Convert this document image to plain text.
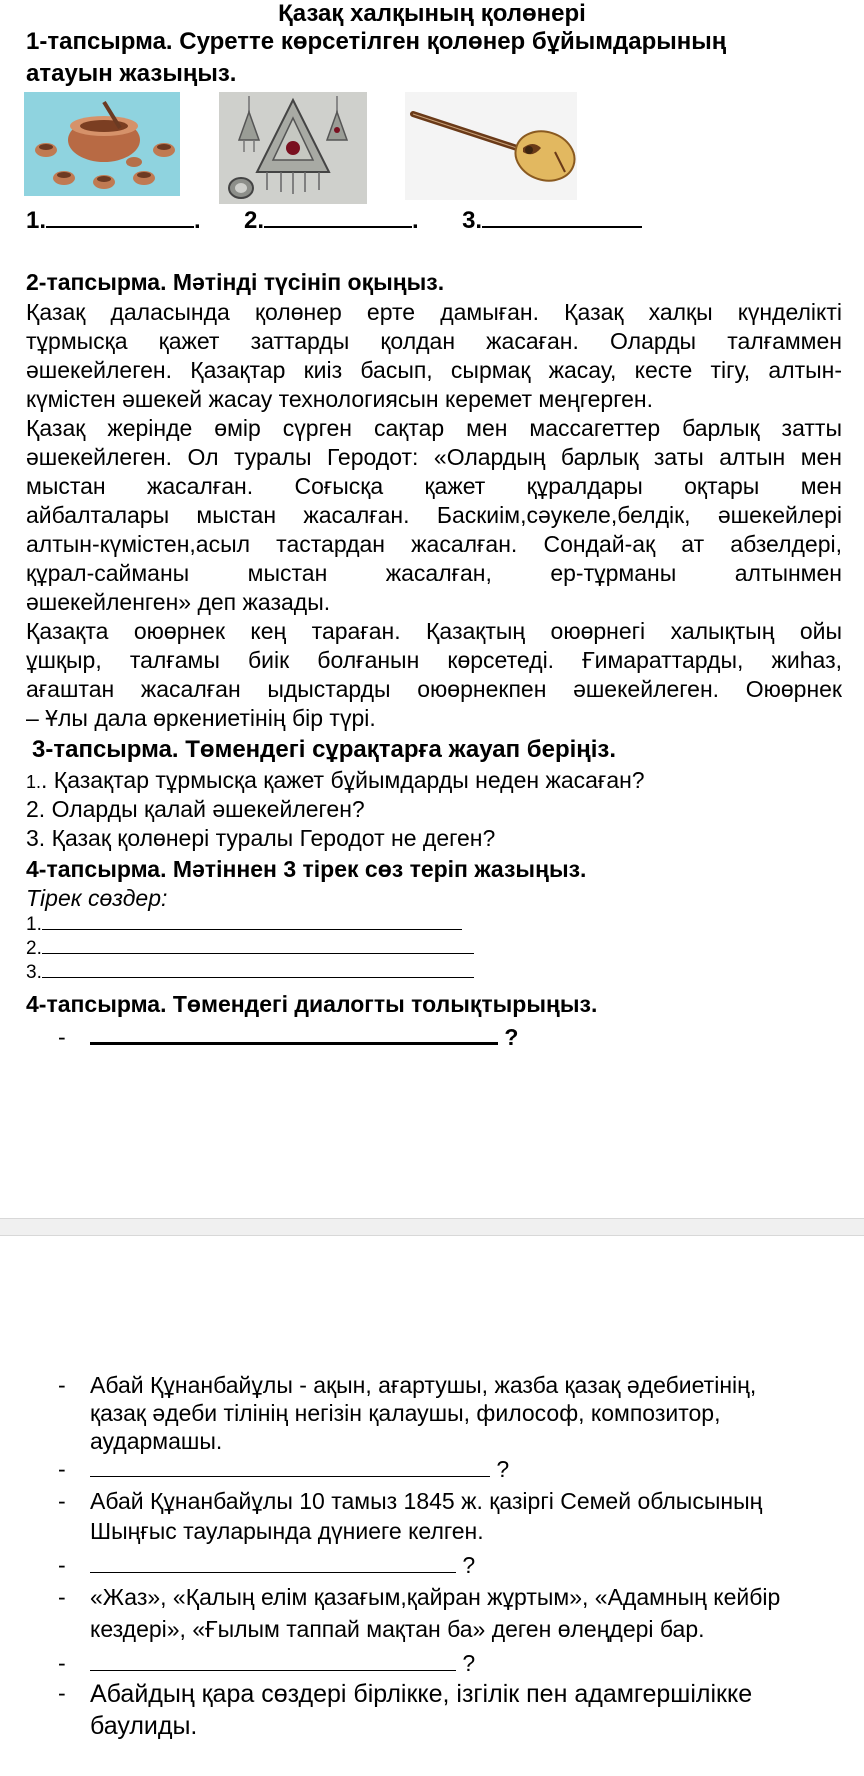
Қазақ халқының қолөнері
1-тапсырма. Суретте көрсетілген қолөнер бұйымдарының
атауын жазыңыз.
1.	. 2.	. 3.
2-тапсырма. Мәтінді түсініп оқыңыз.
Қазақ даласында қолөнер ерте дамыған. Қазақ халқы күнделікті
тұрмысқа қажет заттарды қолдан жасаған. Оларды талғаммен
әшекейлеген. Қазақтар киіз басып, сырмақ жасау, кесте тігу, алтын-
күмістен әшекей жасау технологиясын керемет меңгерген.
Қазақ жерінде өмір сүрген сақтар мен массагеттер барлық затты
әшекейлеген. Ол туралы Геродот: «Олардың барлық заты алтын мен
мыстан жасалған. Соғысқа қажет құралдары оқтары мен
айбалталары мыстан жасалған. Баскиім,сәукеле,белдік, әшекейлері
алтын-күмістен,асыл тастардан жасалған. Сондай-ақ ат абзелдері,
құрал-сайманы мыстан жасалған, ер-тұрманы алтынмен
әшекейленген» деп жазады.
Қазақта оюөрнек кең тараған. Қазақтың оюөрнегі халықтың ойы
ұшқыр, талғамы биік болғанын көрсетеді. Ғимараттарды, жиһаз,
ағаштан жасалған ыдыстарды оюөрнекпен әшекейлеген. Оюөрнек
– Ұлы дала өркениетінің бір түрі.
3-тапсырма. Төмендегі сұрақтарға жауап беріңіз.
1.. Қазақтар тұрмысқа қажет бұйымдарды неден жасаған?
2. Оларды қалай әшекейлеген?
3. Қазақ қолөнері туралы Геродот не деген?
4-тапсырма. Мәтіннен 3 тірек сөз теріп жазыңыз.
Тірек сөздер:
1.
2.
3.
4-тапсырма. Төмендегі диалогты толықтырыңыз.
-	?
- Абай Құнанбайұлы - ақын, ағартушы, жазба қазақ әдебиетінің,
қазақ әдеби тілінің негізін қалаушы, философ, композитор,
аудармашы.
-	?
- Абай Құнанбайұлы 10 тамыз 1845 ж. қазіргі Семей облысының
Шыңғыс тауларында дүниеге келген.
-	?
- «Жаз», «Қалың елім қазағым,қайран жұртым», «Адамның кейбір
кездері», «Ғылым таппай мақтан ба» деген өлеңдері бар.
-	?
- Абайдың қара сөздері бірлікке, ізгілік пен адамгершілікке
баулиды.
